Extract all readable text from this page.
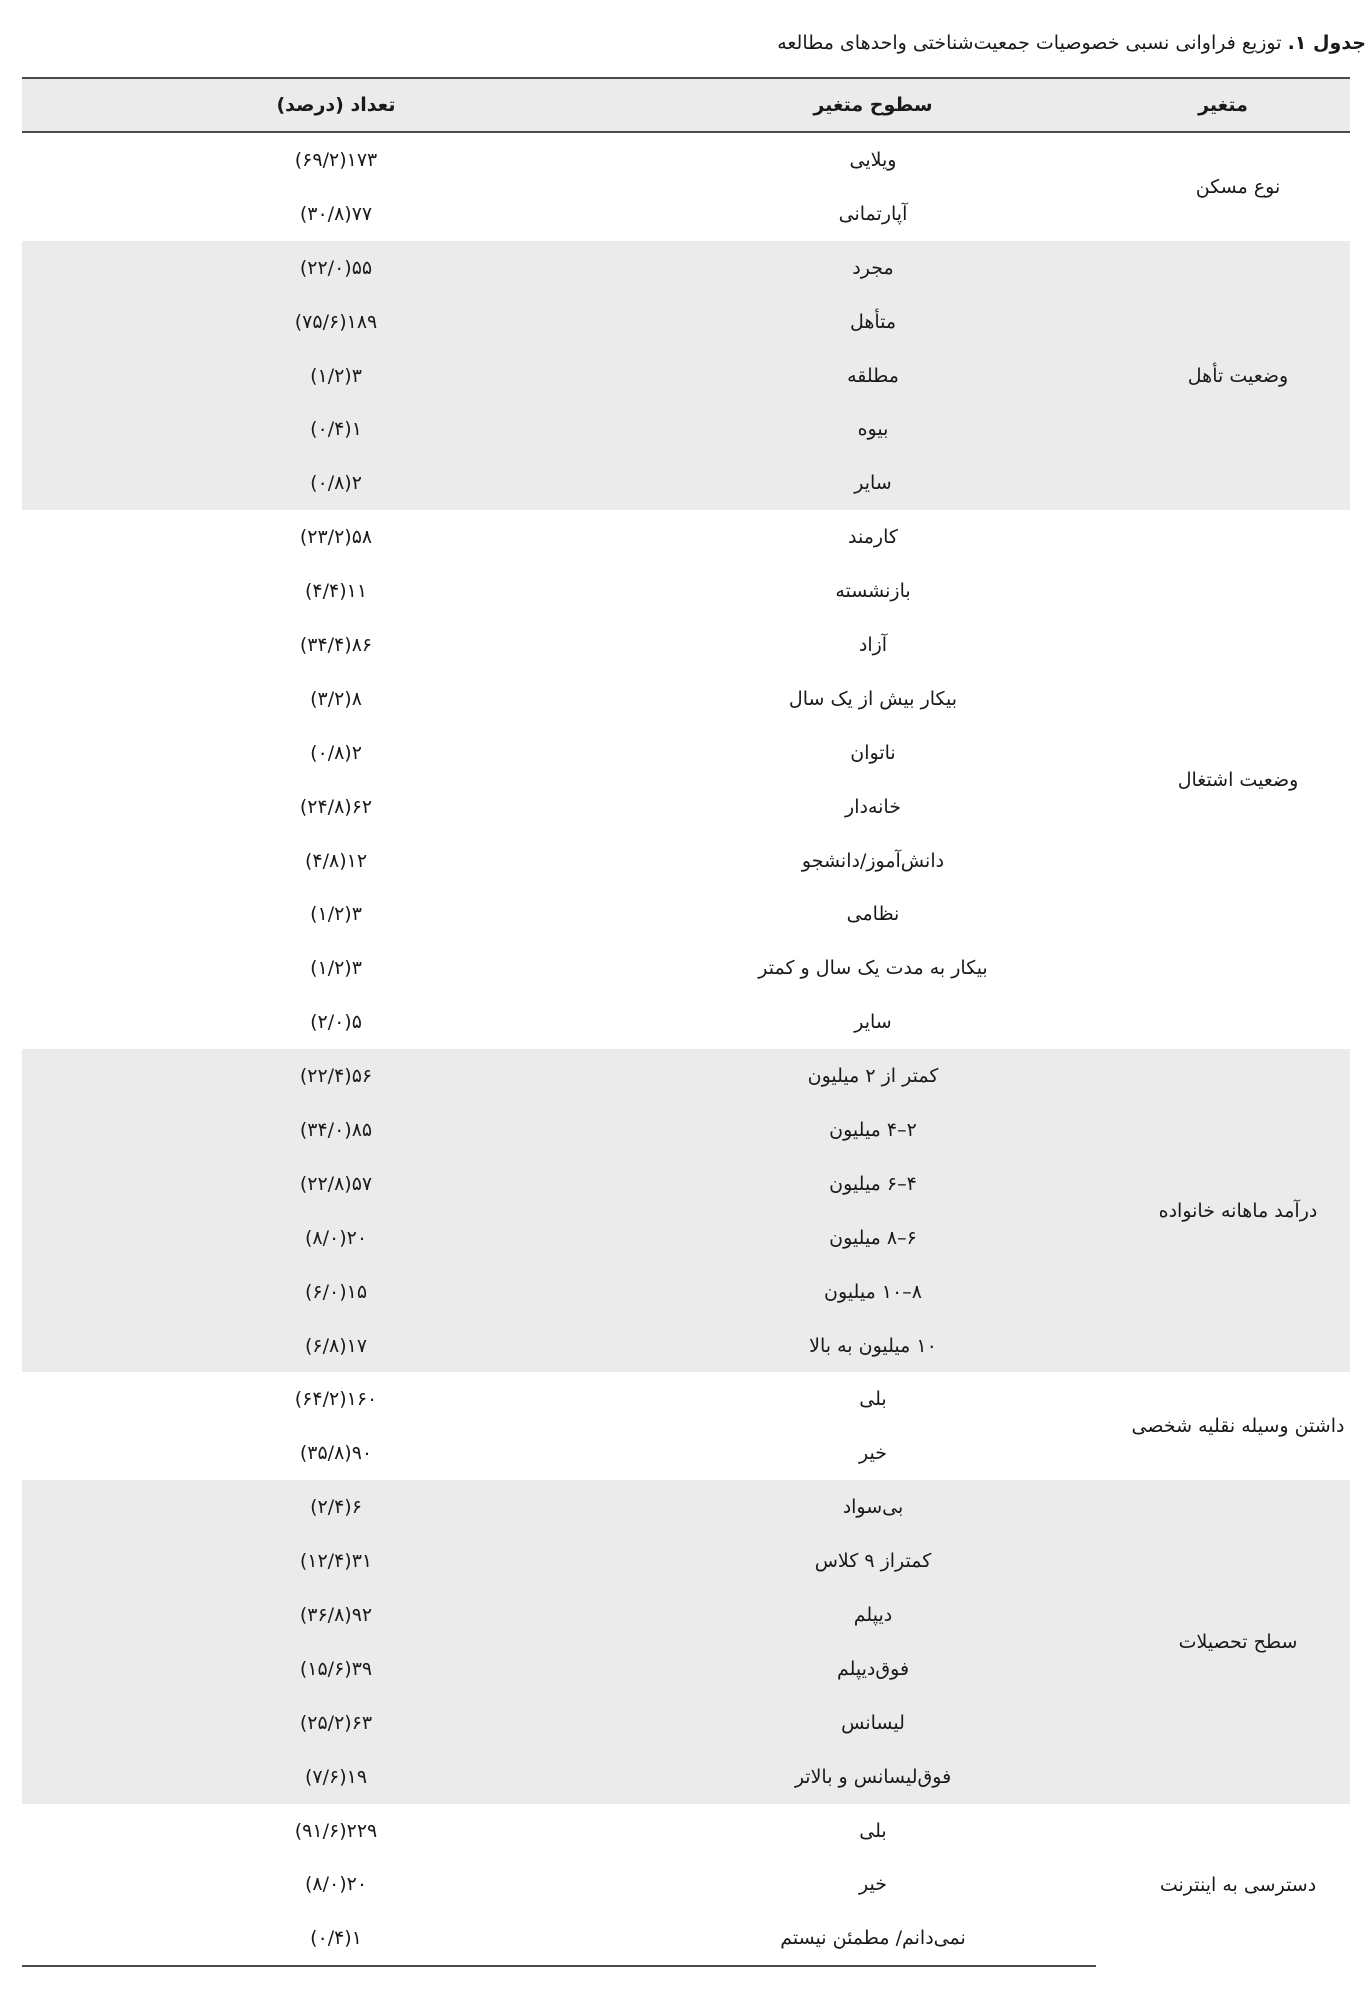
جدول ۱. توزیع فراوانی نسبی خصوصیات جمعیت‌شناختی واحدهای مطالعه
متغیر	سطوح متغیر	تعداد (درصد)
نوع مسکن	ویلایی	۱۷۳(۶۹/۲)
	آپارتمانی	۷۷(۳۰/۸)
وضعیت تأهل	مجرد	۵۵(۲۲/۰)
	متأهل	۱۸۹(۷۵/۶)
	مطلقه	۳(۱/۲)
	بیوه	۱(۰/۴)
	سایر	۲(۰/۸)
وضعیت اشتغال	کارمند	۵۸(۲۳/۲)
	بازنشسته	۱۱(۴/۴)
	آزاد	۸۶(۳۴/۴)
	بیکار بیش از یک سال	۸(۳/۲)
	ناتوان	۲(۰/۸)
	خانه‌دار	۶۲(۲۴/۸)
	دانش‌آموز/دانشجو	۱۲(۴/۸)
	نظامی	۳(۱/۲)
	بیکار به مدت یک سال و کمتر	۳(۱/۲)
	سایر	۵(۲/۰)
درآمد ماهانه خانواده	کمتر از ۲ میلیون	۵۶(۲۲/۴)
	۲–۴ میلیون	۸۵(۳۴/۰)
	۴–۶ میلیون	۵۷(۲۲/۸)
	۶–۸ میلیون	۲۰(۸/۰)
	۸–۱۰ میلیون	۱۵(۶/۰)
	۱۰ میلیون به بالا	۱۷(۶/۸)
داشتن وسیله نقلیه شخصی	بلی	۱۶۰(۶۴/۲)
	خیر	۹۰(۳۵/۸)
سطح تحصیلات	بی‌سواد	۶(۲/۴)
	کمتراز ۹ کلاس	۳۱(۱۲/۴)
	دیپلم	۹۲(۳۶/۸)
	فوق‌دیپلم	۳۹(۱۵/۶)
	لیسانس	۶۳(۲۵/۲)
	فوق‌لیسانس و بالاتر	۱۹(۷/۶)
دسترسی به اینترنت	بلی	۲۲۹(۹۱/۶)
	خیر	۲۰(۸/۰)
	نمی‌دانم/ مطمئن نیستم	۱(۰/۴)
